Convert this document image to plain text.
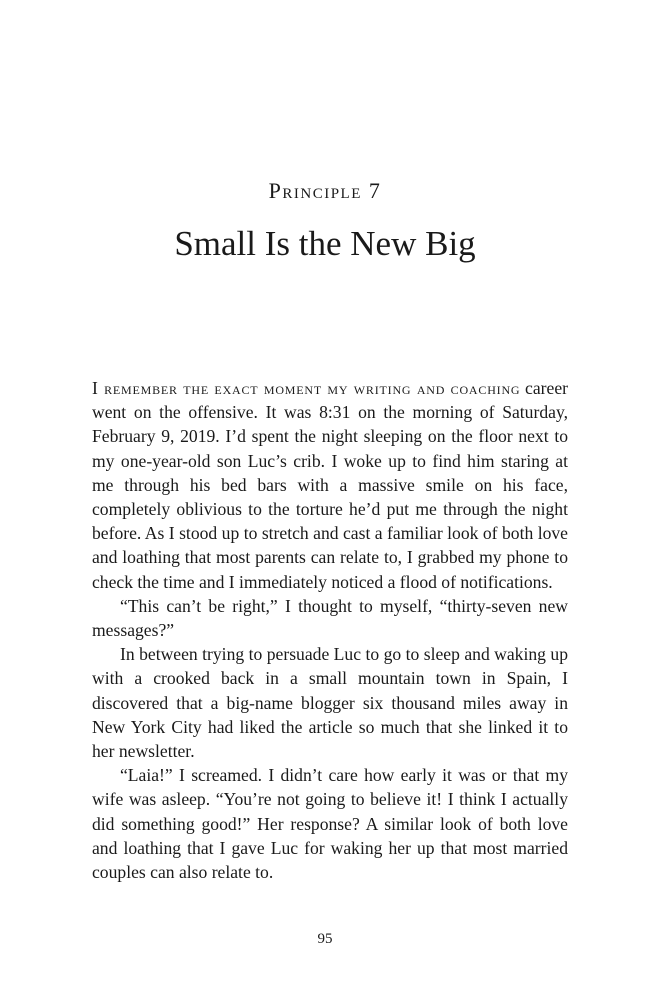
Principle 7
Small Is the New Big

I remember the exact moment my writing and coaching career went on the offensive. It was 8:31 on the morning of Saturday, February 9, 2019. I’d spent the night sleeping on the floor next to my one-year-old son Luc’s crib. I woke up to find him staring at me through his bed bars with a massive smile on his face, completely oblivious to the torture he’d put me through the night before. As I stood up to stretch and cast a familiar look of both love and loathing that most parents can relate to, I grabbed my phone to check the time and I immediately noticed a flood of notifications.

“This can’t be right,” I thought to myself, “thirty-seven new messages?”

In between trying to persuade Luc to go to sleep and waking up with a crooked back in a small mountain town in Spain, I discovered that a big-name blogger six thousand miles away in New York City had liked the article so much that she linked it to her newsletter.

“Laia!” I screamed. I didn’t care how early it was or that my wife was asleep. “You’re not going to believe it! I think I actually did something good!” Her response? A similar look of both love and loathing that I gave Luc for waking her up that most married couples can also relate to.

95
